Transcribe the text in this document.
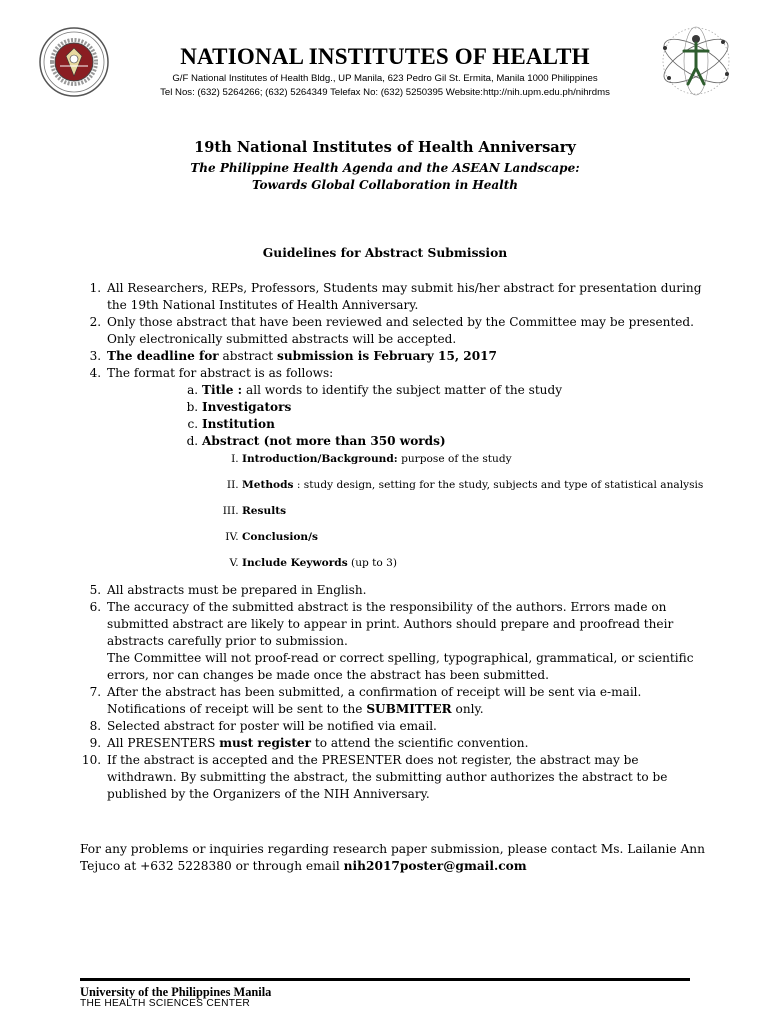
NATIONAL INSTITUTES OF HEALTH
G/F National Institutes of Health Bldg., UP Manila, 623 Pedro Gil St. Ermita, Manila 1000 Philippines
Tel Nos: (632) 5264266; (632) 5264349 Telefax No: (632) 5250395 Website:http://nih.upm.edu.ph/nihrdms
19th National Institutes of Health Anniversary
The Philippine Health Agenda and the ASEAN Landscape:
Towards Global Collaboration in Health
Guidelines for Abstract Submission
1. All Researchers, REPs, Professors, Students may submit his/her abstract for presentation during the 19th National Institutes of Health Anniversary.
2. Only those abstract that have been reviewed and selected by the Committee may be presented. Only electronically submitted abstracts will be accepted.
3. The deadline for abstract submission is February 15, 2017
4. The format for abstract is as follows:
a. Title : all words to identify the subject matter of the study
b. Investigators
c. Institution
d. Abstract (not more than 350 words)
I. Introduction/Background: purpose of the study
II. Methods : study design, setting for the study, subjects and type of statistical analysis
III. Results
IV. Conclusion/s
V. Include Keywords (up to 3)
5. All abstracts must be prepared in English.
6. The accuracy of the submitted abstract is the responsibility of the authors. Errors made on submitted abstract are likely to appear in print. Authors should prepare and proofread their abstracts carefully prior to submission.
The Committee will not proof-read or correct spelling, typographical, grammatical, or scientific errors, nor can changes be made once the abstract has been submitted.
7. After the abstract has been submitted, a confirmation of receipt will be sent via e-mail. Notifications of receipt will be sent to the SUBMITTER only.
8. Selected abstract for poster will be notified via email.
9. All PRESENTERS must register to attend the scientific convention.
10. If the abstract is accepted and the PRESENTER does not register, the abstract may be withdrawn. By submitting the abstract, the submitting author authorizes the abstract to be published by the Organizers of the NIH Anniversary.
For any problems or inquiries regarding research paper submission, please contact Ms. Lailanie Ann Tejuco at +632 5228380 or through email nih2017poster@gmail.com
University of the Philippines Manila
THE HEALTH SCIENCES CENTER
